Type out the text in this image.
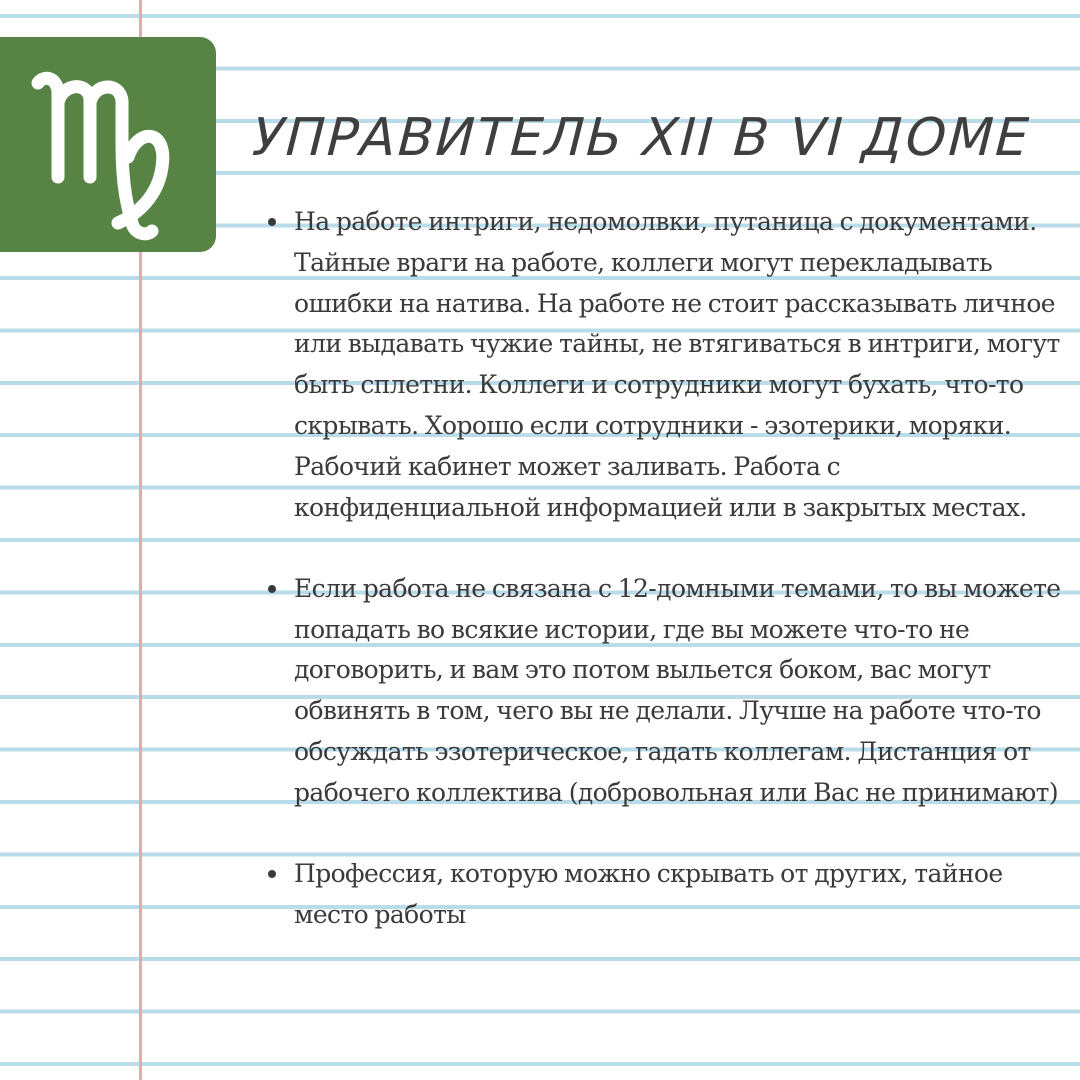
УПРАВИТЕЛЬ XII В VI ДОМЕ
На работе интриги, недомолвки, путаница с документами. Тайные враги на работе, коллеги могут перекладывать ошибки на натива. На работе не стоит рассказывать личное или выдавать чужие тайны, не втягиваться в интриги, могут быть сплетни. Коллеги и сотрудники могут бухать, что-то скрывать. Хорошо если сотрудники - эзотерики, моряки. Рабочий кабинет может заливать. Работа с конфиденциальной информацией или в закрытых местах.
Если работа не связана с 12-домными темами, то вы можете попадать во всякие истории, где вы можете что-то не договорить, и вам это потом выльется боком, вас могут обвинять в том, чего вы не делали. Лучше на работе что-то обсуждать эзотерическое, гадать коллегам. Дистанция от рабочего коллектива (добровольная или Вас не принимают)
Профессия, которую можно скрывать от других, тайное место работы
